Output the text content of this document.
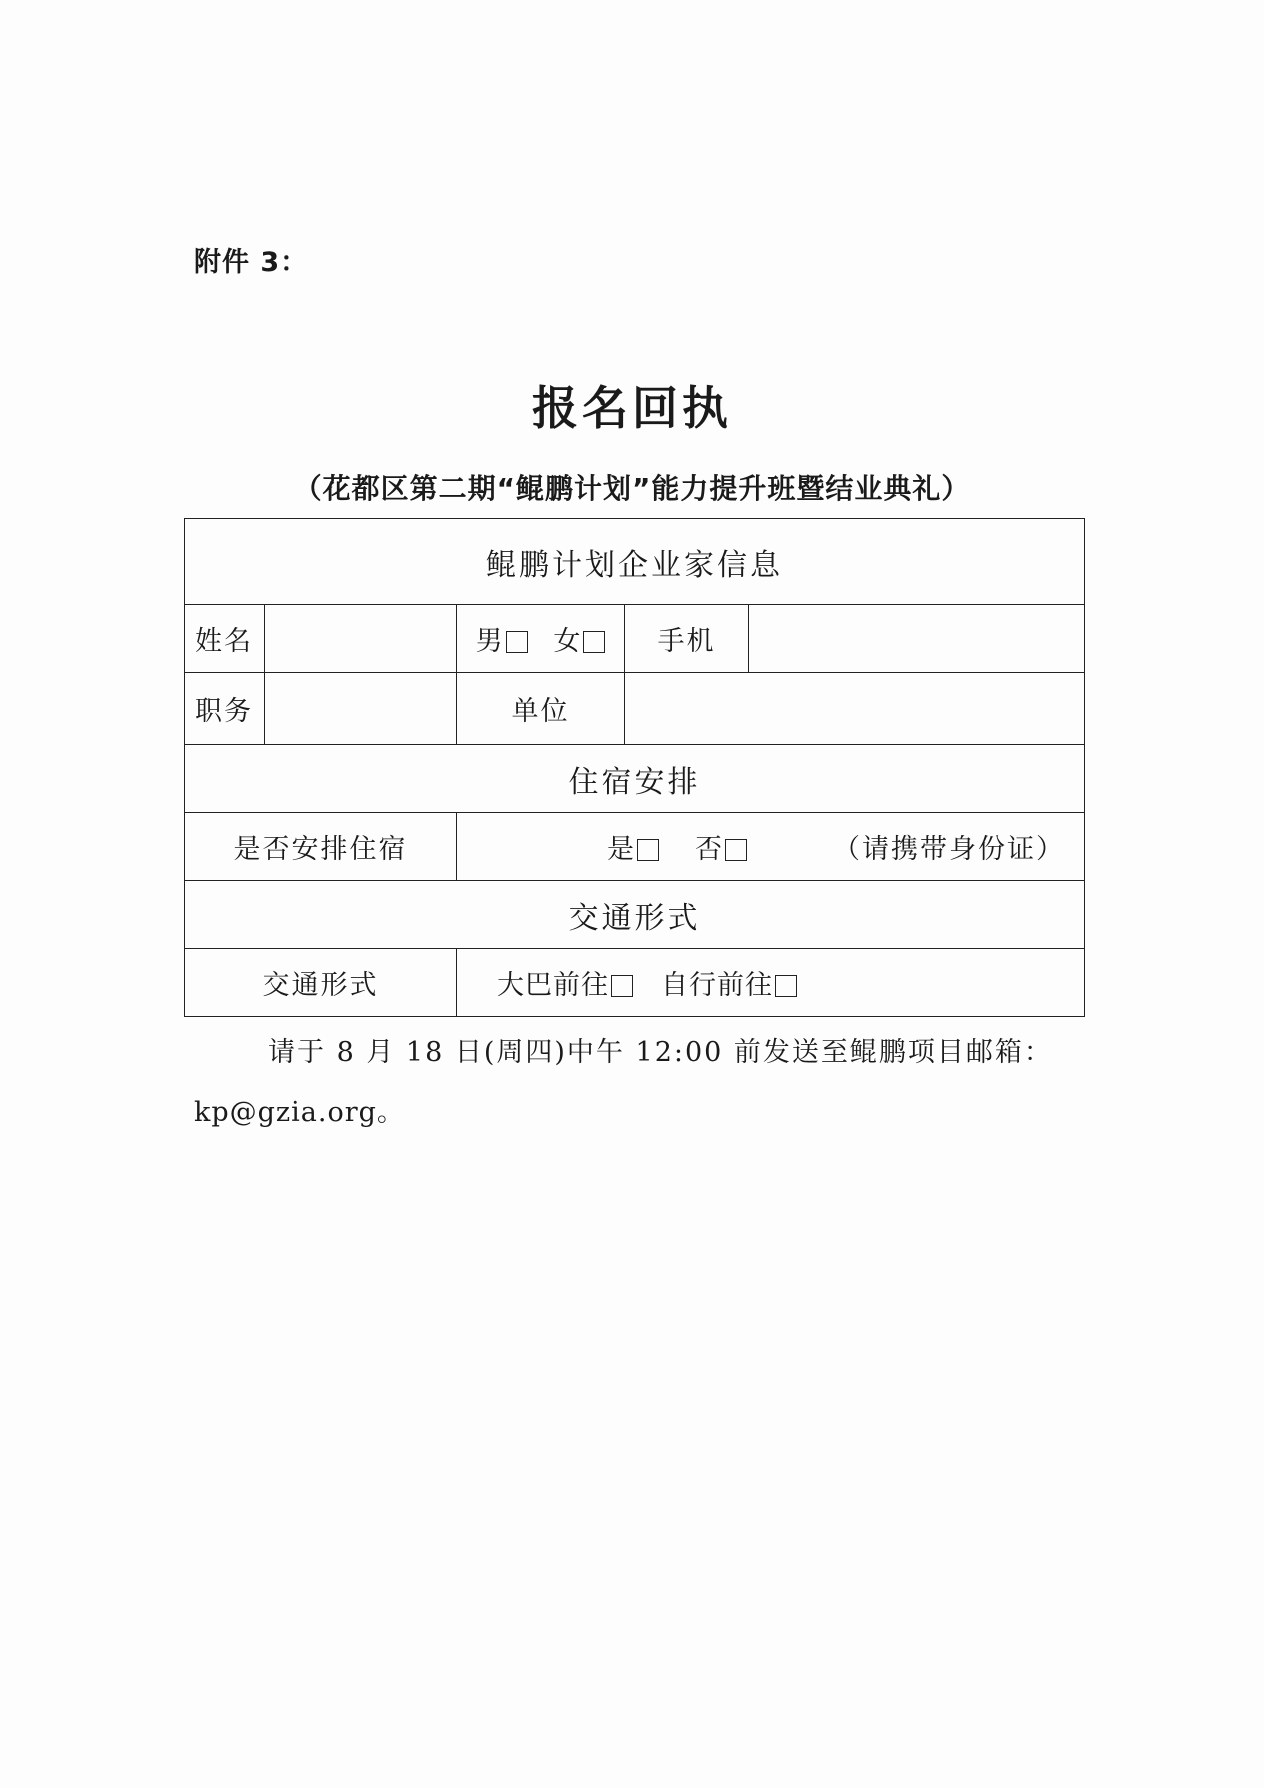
附件 3：
报名回执
（花都区第二期“鲲鹏计划”能力提升班暨结业典礼）
鲲鹏计划企业家信息				
姓名		男 女	手机	
职务		单位		
住宿安排				
是否安排住宿		是 否 （请携带身份证）		

交通形式				
交通形式		大巴前往 自行前往		
请于 8 月 18 日(周四)中午 12:00 前发送至鲲鹏项目邮箱：
kp@gzia.org。
